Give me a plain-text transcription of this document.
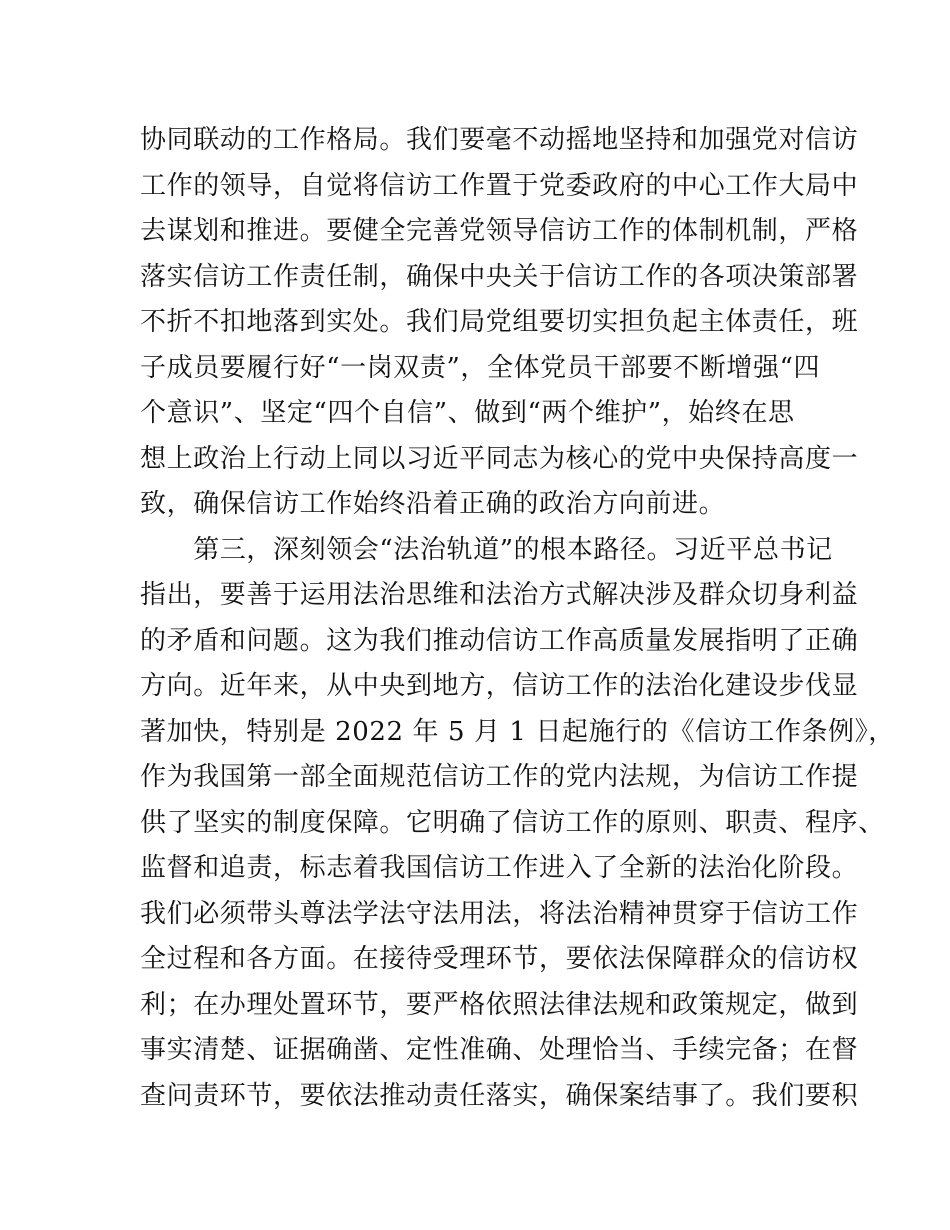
协同联动的工作格局。我们要毫不动摇地坚持和加强党对信访
工作的领导，自觉将信访工作置于党委政府的中心工作大局中
去谋划和推进。要健全完善党领导信访工作的体制机制，严格
落实信访工作责任制，确保中央关于信访工作的各项决策部署
不折不扣地落到实处。我们局党组要切实担负起主体责任，班
子成员要履行好“一岗双责”，全体党员干部要不断增强“四
个意识”、坚定“四个自信”、做到“两个维护”，始终在思
想上政治上行动上同以习近平同志为核心的党中央保持高度一
致，确保信访工作始终沿着正确的政治方向前进。
　　第三，深刻领会“法治轨道”的根本路径。习近平总书记
指出，要善于运用法治思维和法治方式解决涉及群众切身利益
的矛盾和问题。这为我们推动信访工作高质量发展指明了正确
方向。近年来，从中央到地方，信访工作的法治化建设步伐显
著加快，特别是 2022 年 5 月 1 日起施行的《信访工作条例》，
作为我国第一部全面规范信访工作的党内法规，为信访工作提
供了坚实的制度保障。它明确了信访工作的原则、职责、程序、
监督和追责，标志着我国信访工作进入了全新的法治化阶段。
我们必须带头尊法学法守法用法，将法治精神贯穿于信访工作
全过程和各方面。在接待受理环节，要依法保障群众的信访权
利；在办理处置环节，要严格依照法律法规和政策规定，做到
事实清楚、证据确凿、定性准确、处理恰当、手续完备；在督
查问责环节，要依法推动责任落实，确保案结事了。我们要积
